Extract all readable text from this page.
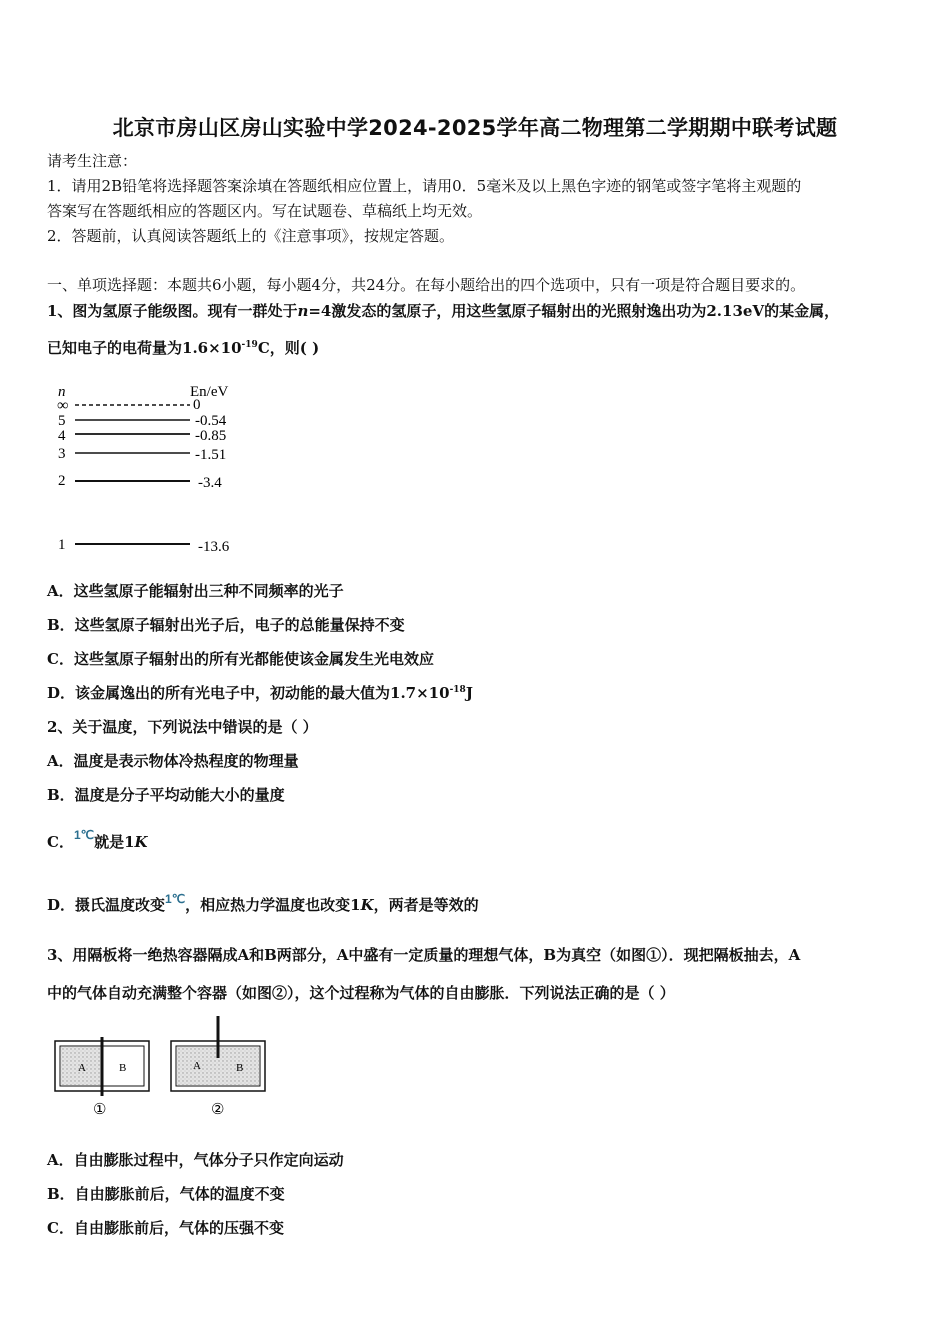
北京市房山区房山实验中学2024-2025学年高二物理第二学期期中联考试题
请考生注意：
1．请用2B铅笔将选择题答案涂填在答题纸相应位置上，请用0．5毫米及以上黑色字迹的钢笔或签字笔将主观题的
答案写在答题纸相应的答题区内。写在试题卷、草稿纸上均无效。
2．答题前，认真阅读答题纸上的《注意事项》，按规定答题。
一、单项选择题：本题共6小题，每小题4分，共24分。在每小题给出的四个选项中，只有一项是符合题目要求的。
1、图为氢原子能级图。现有一群处于n=4激发态的氢原子，用这些氢原子辐射出的光照射逸出功为2.13eV的某金属，
已知电子的电荷量为$1.6\times 10^{-19}C$，则( )
n	En/eV
∞	0
5	-0.54
4	-0.85
3	-1.51
2	-3.4
1	-13.6
A．这些氢原子能辐射出三种不同频率的光子
B．这些氢原子辐射出光子后，电子的总能量保持不变
C．这些氢原子辐射出的所有光都能使该金属发生光电效应
D．该金属逸出的所有光电子中，初动能的最大值为$1.7\times 10^{-18}J$
2、关于温度，下列说法中错误的是（ ）
A．温度是表示物体冷热程度的物理量
B．温度是分子平均动能大小的量度
C．$^{1℃}$就是1K
D．摄氏温度改变$^{1℃}$，相应热力学温度也改变1K，两者是等效的
3、用隔板将一绝热容器隔成A和B两部分，A中盛有一定质量的理想气体，B为真空（如图①）．现把隔板抽去，A
中的气体自动充满整个容器（如图②），这个过程称为气体的自由膨胀．下列说法正确的是（ ）
A	B
①
A	B
②
A．自由膨胀过程中，气体分子只作定向运动
B．自由膨胀前后，气体的温度不变
C．自由膨胀前后，气体的压强不变
